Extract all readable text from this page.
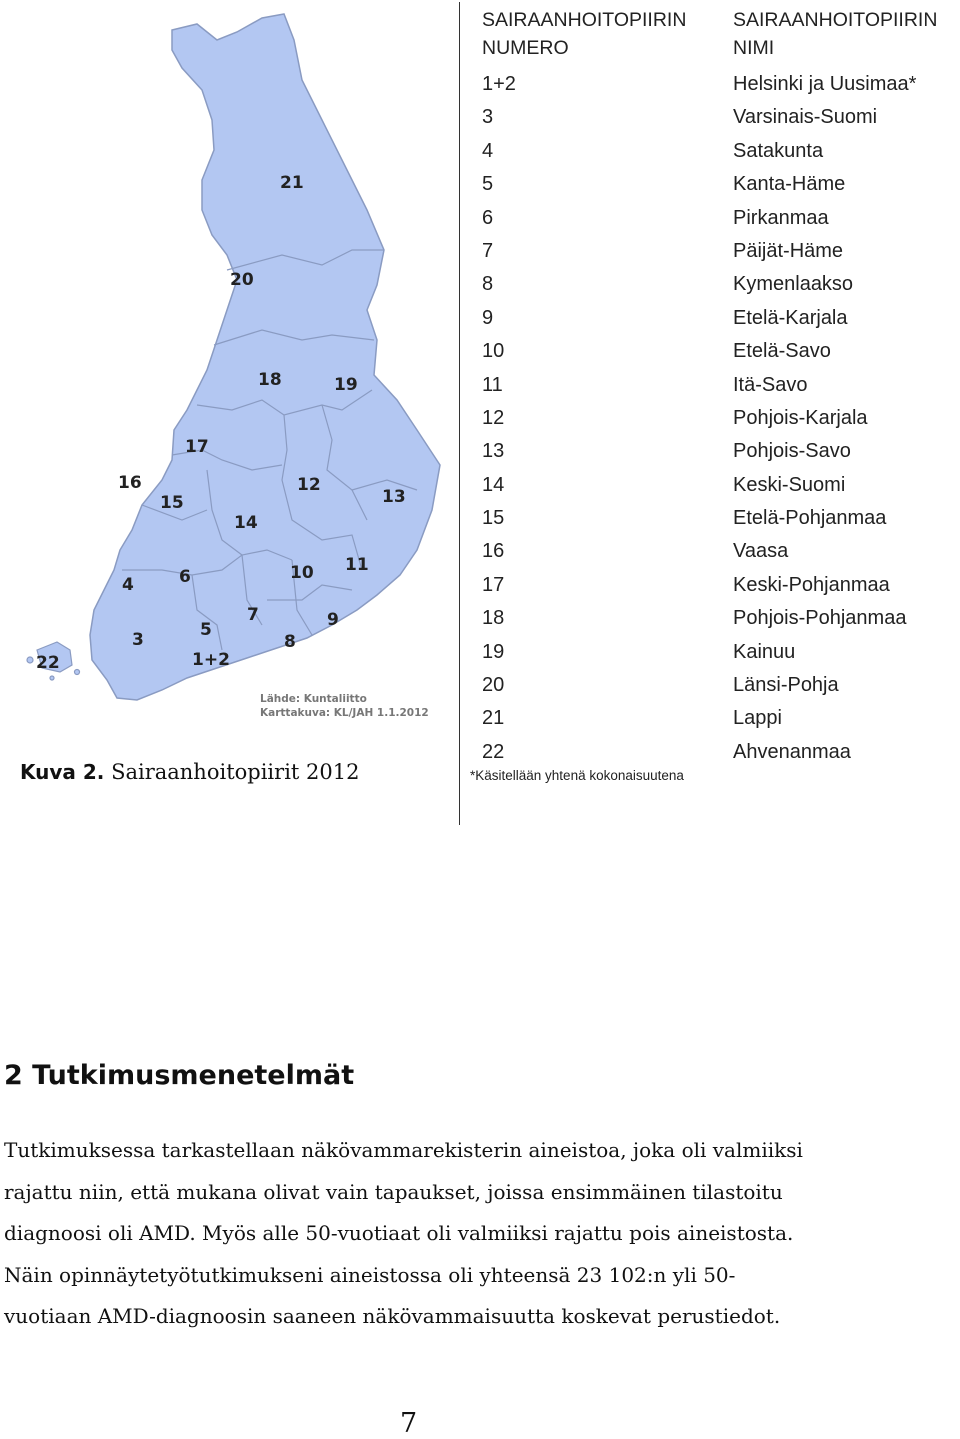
21
20
18	19
17
16
15
12
13
14
6	10 11
4
7	9
3	5
8
22	1+2
Lähde: Kuntaliitto
Karttakuva: KL/JAH 1.1.2012
Kuva 2. Sairaanhoitopiirit 2012
SAIRAANHOITOPIIRIN NUMERO
SAIRAANHOITOPIIRIN NIMI
1+2	Helsinki ja Uusimaa*
3	Varsinais-Suomi
4	Satakunta
5	Kanta-Häme
6	Pirkanmaa
7	Päijät-Häme
8	Kymenlaakso
9	Etelä-Karjala
10	Etelä-Savo
11	Itä-Savo
12	Pohjois-Karjala
13	Pohjois-Savo
14	Keski-Suomi
15	Etelä-Pohjanmaa
16	Vaasa
17	Keski-Pohjanmaa
18	Pohjois-Pohjanmaa
19	Kainuu
20	Länsi-Pohja
21	Lappi
22	Ahvenanmaa
*Käsitellään yhtenä kokonaisuutena
2 Tutkimusmenetelmät
Tutkimuksessa tarkastellaan näkövammarekisterin aineistoa, joka oli valmiiksi
rajattu niin, että mukana olivat vain tapaukset, joissa ensimmäinen tilastoitu
diagnoosi oli AMD. Myös alle 50-vuotiaat oli valmiiksi rajattu pois aineistosta.
Näin opinnäytetyötutkimukseni aineistossa oli yhteensä 23 102:n yli 50-
vuotiaan AMD-diagnoosin saaneen näkövammaisuutta koskevat perustiedot.
7
